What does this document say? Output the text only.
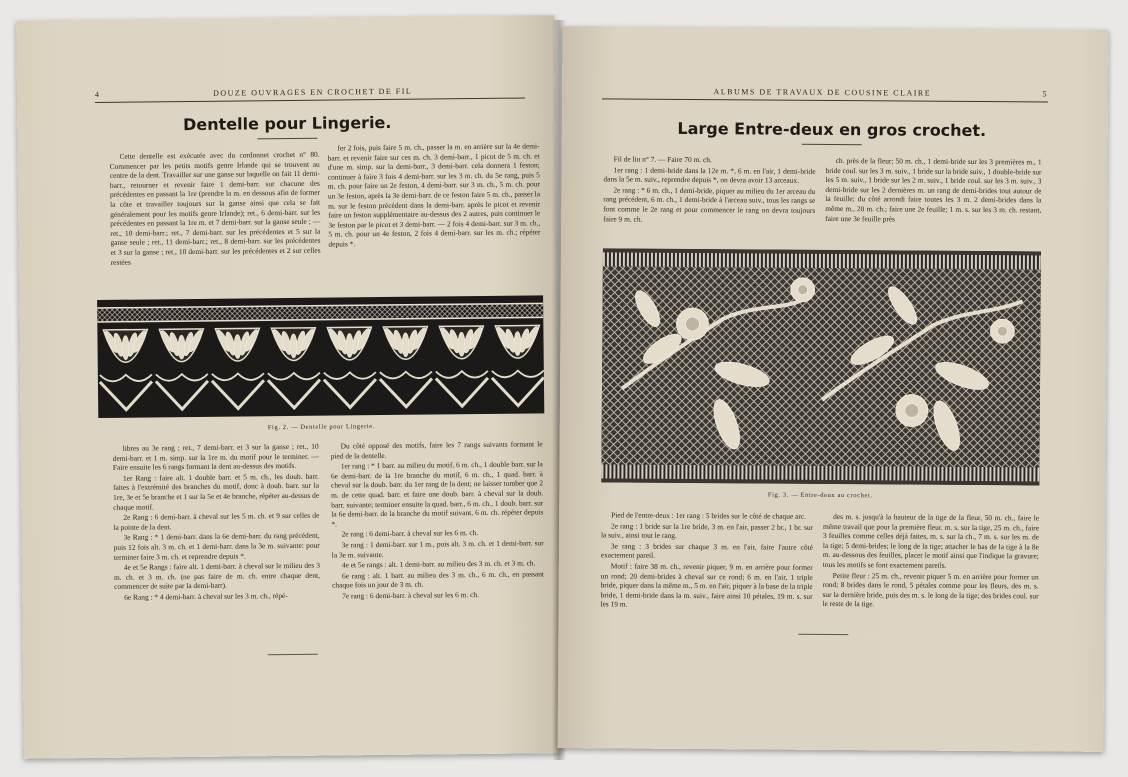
4	DOUZE OUVRAGES EN CROCHET DE FIL
Dentelle pour Lingerie.

Cette dentelle est exécutée avec du cordonnet crochet n° 80. Commencer par les petits motifs genre Irlande qui se trouvent au centre de la dent. Travailler sur une ganse sur laquelle on fait 11 demi-barr., retourner et revenir faire 1 demi-barr. sur chacune des précédentes en passant la 1re (prendre la m. en dessous afin de former la côte et travailler toujours sur la ganse ainsi que cela se fait généralement pour les motifs genre Irlande); ret., 6 demi-barr. sur les précédentes en passant la 1re m. et 7 demi-barr. sur la ganse seule ; — ret., 10 demi-barr.; ret., 7 demi-barr. sur les précédentes et 5 sur la ganse seule ; ret., 11 demi-barr.; ret., 8 demi-barr. sur les précédentes et 3 sur la ganse ; ret., 10 demi-barr. sur les précédentes et 2 sur celles restées

fer 2 fois, puis faire 5 m. ch., passer la m. en arrière sur la 4e demi-barr. et revenir faire sur ces m. ch. 3 demi-barr., 1 picot de 5 m. ch. et d'une m. simp. sur la demi-barr., 3 demi-barr. cela donnera 1 feston; continuer à faire 3 fois 4 demi-barr. sur les 3 m. ch. du 5e rang, puis 5 m. ch. pour faire un 2e feston, 4 demi-barr. sur 3 m. ch., 5 m. ch. pour un 3e feston, après la 3e demi-barr. de ce feston faire 5 m. ch., passer la m. sur le feston précédent dans la demi-barr. après le picot et revenir faire un feston supplémentaire au-dessus des 2 autres, puis continuer le 3e feston par le picot et 3 demi-barr. — 2 fois 4 demi-barr. sur 3 m. ch., 5 m. ch. pour un 4e feston, 2 fois 4 demi-barr. sur les m. ch.; répéter depuis *.

Fig. 2. — Dentelle pour Lingerie.

libres au 3e rang ; ret., 7 demi-barr. et 3 sur la ganse ; ret., 10 demi-barr. et 1 m. simp. sur la 1re m. du motif pour le terminer. — Faire ensuite les 6 rangs formant la dent au-dessus des motifs.

1er Rang : faire alt. 1 double barr. et 5 m. ch., les doub. barr. faites à l'extrémité des branches du motif, donc à doub. barr. sur la 1re, 3e et 5e branche et 1 sur la 5e et 4e branche, répéter au-dessus de chaque motif.

2e Rang : 6 demi-barr. à cheval sur les 5 m. ch. et 9 sur celles de la pointe de la dent.

3e Rang : * 1 demi-barr. dans la 6e demi-barr. du rang précédent, puis 12 fois alt. 3 m. ch. et 1 demi-barr. dans la 3e m. suivante: pour terminer faire 3 m. ch. et reprendre depuis *.

4e et 5e Rangs : faire alt. 1 demi-barr. à cheval sur le milieu des 3 m. ch. et 3 m. ch. (ne pas faire de m. ch. entre chaque dent, commencer de suite par la demi-barr).

6e Rang : * 4 demi-barr. à cheval sur les 3 m. ch., répé-

Du côté opposé des motifs, faire les 7 rangs suivants formant le pied de la dentelle.

1er rang : * 1 barr. au milieu du motif, 6 m. ch., 1 double barr. sur la 6e demi-barr. de la 1re branche du motif, 6 m. ch., 1 quad. barr. à cheval sur la doub. barr. du 1er rang de la dent; ne laisser tomber que 2 m. de cette quad. barr. et faire une doub. barr. à cheval sur la doub. barr. suivante; terminer ensuite la quad. barr., 6 m. ch., 1 doub. barr. sur la 6e demi-barr. de la branche du motif suivant, 6 m. ch. répéter depuis *.

2e rang : 6 demi-barr. à cheval sur les 6 m. ch.

3e rang : 1 demi-barr. sur 1 m., puis alt. 3 m. ch. et 1 demi-barr. sur la 3e m. suivante.

4e et 5e rangs : alt. 1 demi-barr. au milieu des 3 m. ch. et 3 m. ch.

6e rang : alt. 1 barr. au milieu des 3 m. ch., 6 m. ch., en passant chaque fois un jour de 3 m. ch.

7e rang : 6 demi-barr. à cheval sur les 6 m. ch.

ALBUMS DE TRAVAUX DE COUSINE CLAIRE	5
Large Entre-deux en gros crochet.

Fil de lin n° 7. — Faire 70 m. ch.

1er rang : 1 demi-bride dans la 12e m. *, 6 m. en l'air, 1 demi-bride dans la 5e m. suiv., reprendre depuis *, on devra avoir 13 arceaux.

2e rang : * 6 m. ch., 1 demi-bride, piquer au milieu du 1er arceau du rang précédent, 6 m. ch., 1 demi-bride à l'arceau suiv., tous les rangs se font comme le 2e rang et pour commencer le rang on devra toujours faire 9 m. ch.

ch. près de la fleur; 50 m. ch., 1 demi-bride sur les 3 premières m., 1 bride coul. sur les 3 m. suiv., 1 bride sur la bride suiv., 1 double-bride sur les 5 m. suiv., 1 bride sur les 2 m. suiv., 1 bride coul. sur les 3 m. suiv., 3 demi-bride sur les 2 dernières m. un rang de demi-brides tout autour de la feuille; du côté arrondi faire toutes les 3 m. 2 demi-brides dans la même m., 20 m. ch.; faire une 2e feuille; 1 m. s. sur les 3 m. ch. restant, faire une 3e feuille près

Fig. 3. — Entre-deux au crochet.

Pied de l'entre-deux : 1er rang : 5 brides sur le côté de chaque arc.

2e rang : 1 bride sur la 1re bride, 3 m. en l'air, passer 2 br., 1 br. sur la suiv., ainsi tout le rang.

3e rang : 3 brides sur chaque 3 m. en l'air, faire l'autre côté exactement pareil.

Motif : faire 38 m. ch., revenir piquer, 9 m. en arrière pour former un rond; 20 demi-brides à cheval sur ce rond; 6 m. en l'air, 1 triple bride, piquer dans la même m., 5 m. en l'air, piquer à la base de la triple bride, 1 demi-bride dans la m. suiv., faire ainsi 10 pétales, 19 m. s. sur les 19 m.

des m. s. jusqu'à la hauteur de la tige de la fleur, 50 m. ch., faire le même travail que pour la première fleur. m. s. sur la tige, 25 m. ch., faire 3 feuilles comme celles déjà faites, m. s. sur la ch., 7 m. s. sur les m. de la tige; 5 demi-brides; le long de la tige; attacher le bas de la tige à la 8e m. au-dessous des feuilles, placer le motif ainsi que l'indique la gravure; tous les motifs se font exactement pareils.

Petite fleur : 25 m. ch., revenir piquer 5 m. en arrière pour former un rond; 8 brides dans le rond, 5 pétales comme pour les fleurs, des m. s. sur la dernière bride, puis des m. s. le long de la tige; des brides coul. sur le reste de la tige.
